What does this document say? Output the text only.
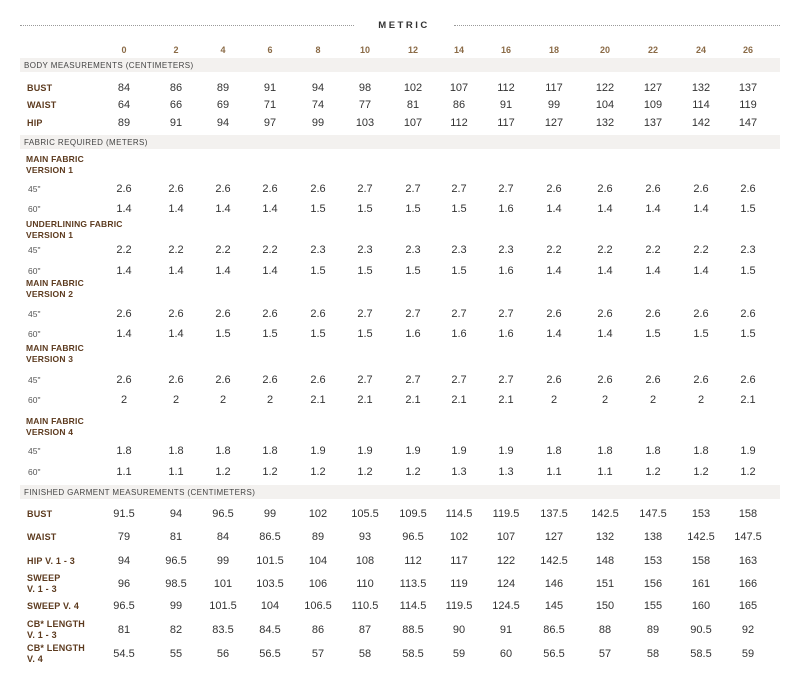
METRIC
BODY MEASUREMENTS (CENTIMETERS)
FABRIC REQUIRED (METERS)
FINISHED GARMENT MEASUREMENTS (CENTIMETERS)
0	2	4	6	8	10	12	14	16	18	20	22	24	26
BUST	84	86	89	91	94	98	102	107	112	117	122	127	132	137
WAIST	64	66	69	71	74	77	81	86	91	99	104	109	114	119
HIP	89	91	94	97	99	103	107	112	117	127	132	137	142	147
MAIN FABRIC
VERSION 1
45"	2.6	2.6	2.6	2.6	2.6	2.7	2.7	2.7	2.7	2.6	2.6	2.6	2.6	2.6
60"	1.4	1.4	1.4	1.4	1.5	1.5	1.5	1.5	1.6	1.4	1.4	1.4	1.4	1.5
UNDERLINING FABRIC
VERSION 1
45"	2.2	2.2	2.2	2.2	2.3	2.3	2.3	2.3	2.3	2.2	2.2	2.2	2.2	2.3
60"	1.4	1.4	1.4	1.4	1.5	1.5	1.5	1.5	1.6	1.4	1.4	1.4	1.4	1.5
MAIN FABRIC
VERSION 2
45"	2.6	2.6	2.6	2.6	2.6	2.7	2.7	2.7	2.7	2.6	2.6	2.6	2.6	2.6
60"	1.4	1.4	1.5	1.5	1.5	1.5	1.6	1.6	1.6	1.4	1.4	1.5	1.5	1.5
MAIN FABRIC
VERSION 3
45"	2.6	2.6	2.6	2.6	2.6	2.7	2.7	2.7	2.7	2.6	2.6	2.6	2.6	2.6
60"	2	2	2	2	2.1	2.1	2.1	2.1	2.1	2	2	2	2	2.1
MAIN FABRIC
VERSION 4
45"	1.8	1.8	1.8	1.8	1.9	1.9	1.9	1.9	1.9	1.8	1.8	1.8	1.8	1.9
60"	1.1	1.1	1.2	1.2	1.2	1.2	1.2	1.3	1.3	1.1	1.1	1.2	1.2	1.2
BUST	91.5	94	96.5	99	102	105.5	109.5	114.5	119.5	137.5	142.5	147.5	153	158
WAIST	79	81	84	86.5	89	93	96.5	102	107	127	132	138	142.5	147.5
HIP V. 1 - 3	94	96.5	99	101.5	104	108	112	117	122	142.5	148	153	158	163
SWEEP
V. 1 - 3	96	98.5	101	103.5	106	110	113.5	119	124	146	151	156	161	166
SWEEP V. 4	96.5	99	101.5	104	106.5	110.5	114.5	119.5	124.5	145	150	155	160	165
CB* LENGTH
V. 1 - 3	81	82	83.5	84.5	86	87	88.5	90	91	86.5	88	89	90.5	92
CB* LENGTH
V. 4	54.5	55	56	56.5	57	58	58.5	59	60	56.5	57	58	58.5	59
